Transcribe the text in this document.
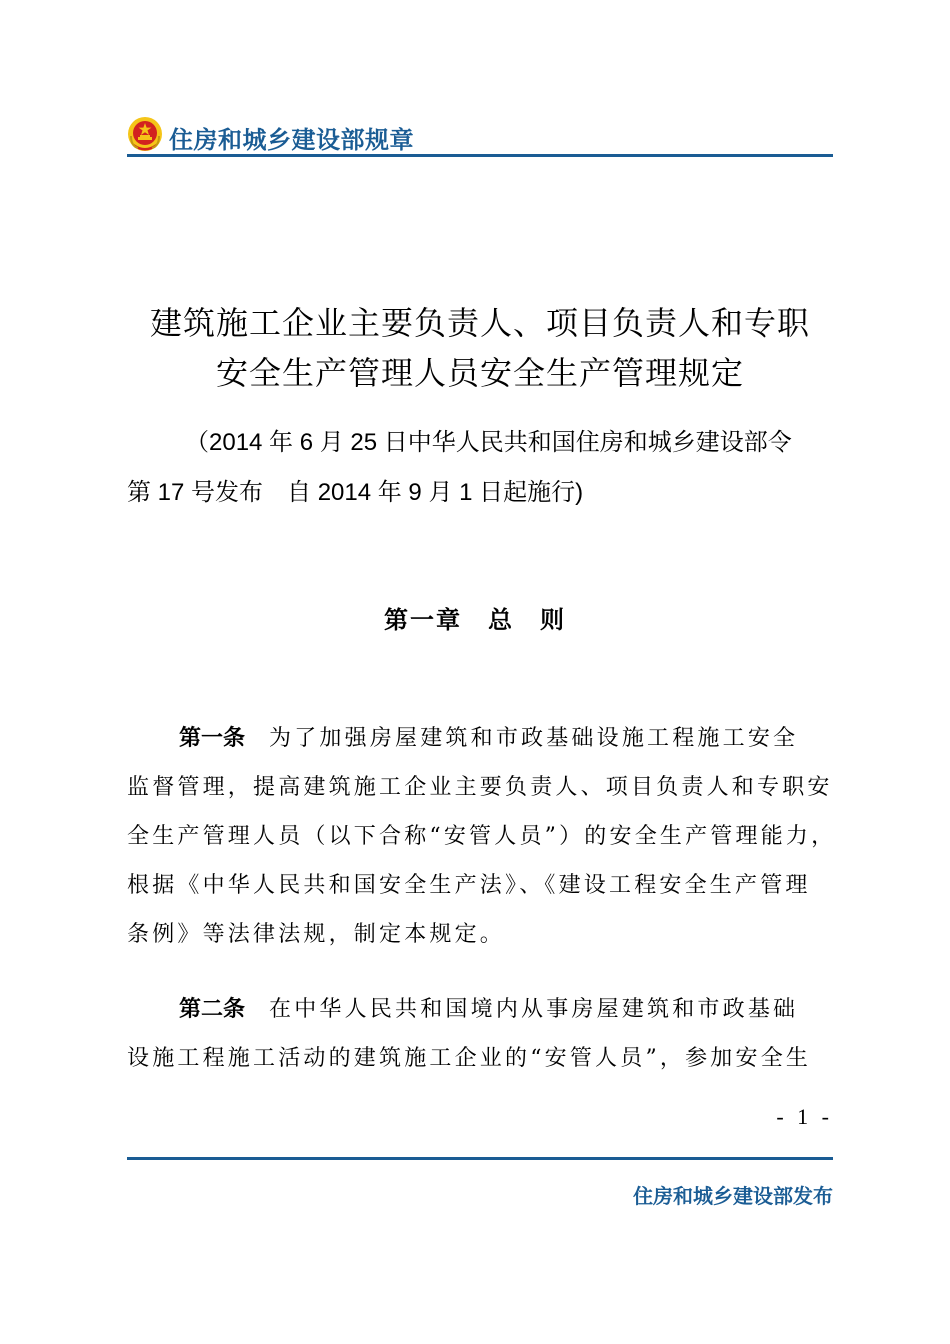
住房和城乡建设部规章
建筑施工企业主要负责人、项目负责人和专职
安全生产管理人员安全生产管理规定
（2014 年 6 月 25 日中华人民共和国住房和城乡建设部令
第 17 号发布　自 2014 年 9 月 1 日起施行)
第一章　总　则
第一条 为了加强房屋建筑和市政基础设施工程施工安全
监督管理，提高建筑施工企业主要负责人、项目负责人和专职安
全生产管理人员（以下合称“安管人员”）的安全生产管理能力，
根据《中华人民共和国安全生产法》、《建设工程安全生产管理
条例》等法律法规，制定本规定。
第二条 在中华人民共和国境内从事房屋建筑和市政基础
设施工程施工活动的建筑施工企业的“安管人员”，参加安全生
- 1 -
住房和城乡建设部发布
